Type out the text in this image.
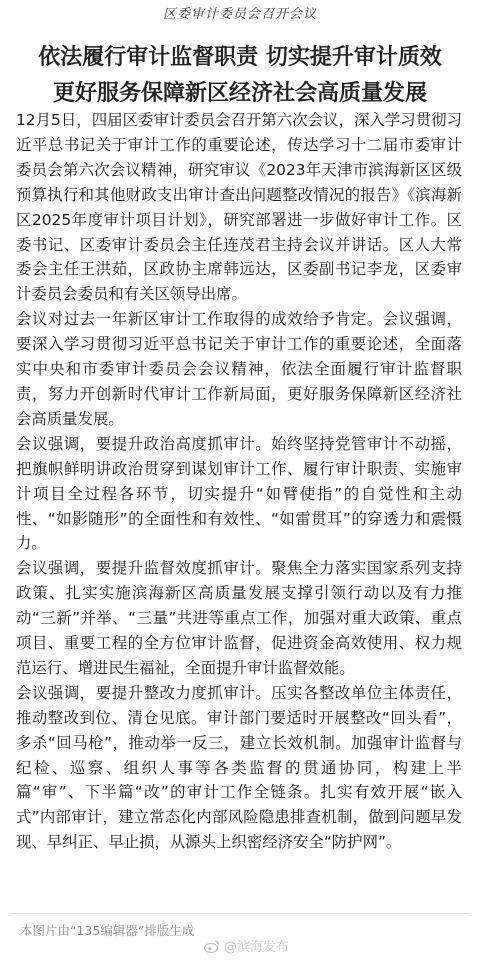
区委审计委员会召开会议
依法履行审计监督职责 切实提升审计质效
更好服务保障新区经济社会高质量发展

12月5日，四届区委审计委员会召开第六次会议，深入学习贯彻习近平总书记关于审计工作的重要论述，传达学习十二届市委审计委员会第六次会议精神，研究审议《2023年天津市滨海新区区级预算执行和其他财政支出审计查出问题整改情况的报告》《滨海新区2025年度审计项目计划》，研究部署进一步做好审计工作。区委书记、区委审计委员会主任连茂君主持会议并讲话。区人大常委会主任王洪茹，区政协主席韩远达，区委副书记李龙，区委审计委员会委员和有关区领导出席。

会议对过去一年新区审计工作取得的成效给予肯定。会议强调，要深入学习贯彻习近平总书记关于审计工作的重要论述，全面落实中央和市委审计委员会会议精神，依法全面履行审计监督职责，努力开创新时代审计工作新局面，更好服务保障新区经济社会高质量发展。

会议强调，要提升政治高度抓审计。始终坚持党管审计不动摇，把旗帜鲜明讲政治贯穿到谋划审计工作、履行审计职责、实施审计项目全过程各环节，切实提升“如臂使指”的自觉性和主动性、“如影随形”的全面性和有效性、“如雷贯耳”的穿透力和震慑力。

会议强调，要提升监督效度抓审计。聚焦全力落实国家系列支持政策、扎实实施滨海新区高质量发展支撑引领行动以及有力推动“三新”并举、“三量”共进等重点工作，加强对重大政策、重点项目、重要工程的全方位审计监督，促进资金高效使用、权力规范运行、增进民生福祉，全面提升审计监督效能。

会议强调，要提升整改力度抓审计。压实各整改单位主体责任，推动整改到位、清仓见底。审计部门要适时开展整改“回头看”，多杀“回马枪”，推动举一反三，建立长效机制。加强审计监督与纪检、巡察、组织人事等各类监督的贯通协同，构建上半篇“审”、下半篇“改”的审计工作全链条。扎实有效开展“嵌入式”内部审计，建立常态化内部风险隐患排查机制，做到问题早发现、早纠正、早止损，从源头上织密经济安全“防护网”。

本图片由“135编辑器”排版生成
@滨海发布
